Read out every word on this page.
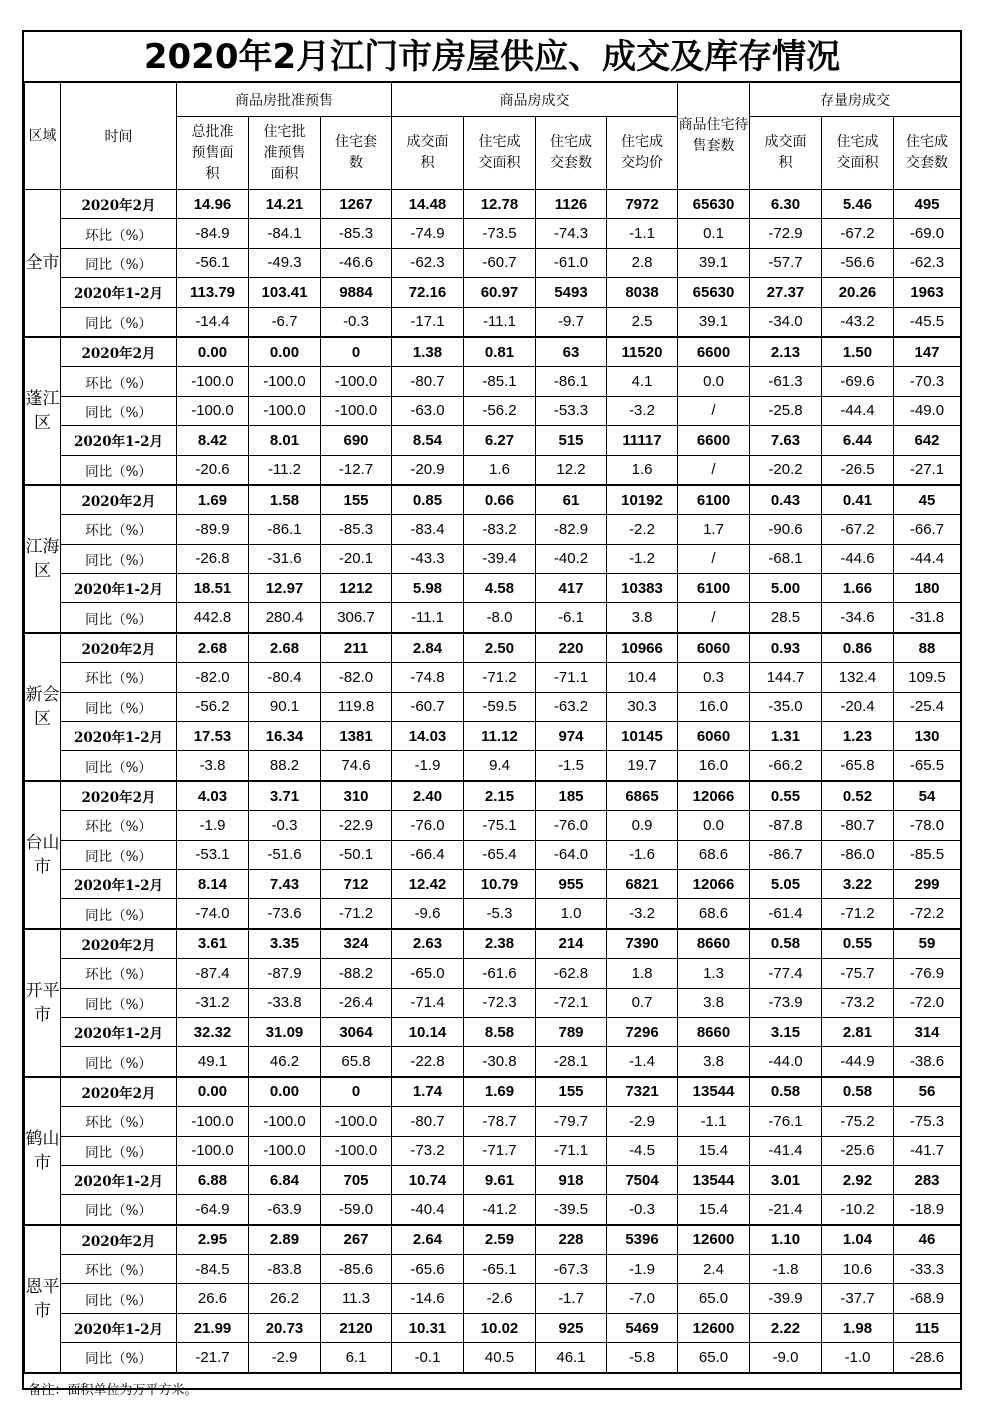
2020年2月江门市房屋供应、成交及库存情况
区域	时间	商品房批准预售			商品房成交				商品住宅待售套数	存量房成交		
		总批准预售面积	住宅批准预售面积	住宅套数	成交面积	住宅成交面积	住宅成交套数	住宅成交均价		成交面积	住宅成交面积	住宅成交套数
全市	2020年2月	14.96	14.21	1267	14.48	12.78	1126	7972	65630	6.30	5.46	495
	环比（%）	-84.9	-84.1	-85.3	-74.9	-73.5	-74.3	-1.1	0.1	-72.9	-67.2	-69.0
	同比（%）	-56.1	-49.3	-46.6	-62.3	-60.7	-61.0	2.8	39.1	-57.7	-56.6	-62.3
	2020年1-2月	113.79	103.41	9884	72.16	60.97	5493	8038	65630	27.37	20.26	1963
	同比（%）	-14.4	-6.7	-0.3	-17.1	-11.1	-9.7	2.5	39.1	-34.0	-43.2	-45.5
蓬江区	2020年2月	0.00	0.00	0	1.38	0.81	63	11520	6600	2.13	1.50	147
	环比（%）	-100.0	-100.0	-100.0	-80.7	-85.1	-86.1	4.1	0.0	-61.3	-69.6	-70.3
	同比（%）	-100.0	-100.0	-100.0	-63.0	-56.2	-53.3	-3.2	/	-25.8	-44.4	-49.0
	2020年1-2月	8.42	8.01	690	8.54	6.27	515	11117	6600	7.63	6.44	642
	同比（%）	-20.6	-11.2	-12.7	-20.9	1.6	12.2	1.6	/	-20.2	-26.5	-27.1
江海区	2020年2月	1.69	1.58	155	0.85	0.66	61	10192	6100	0.43	0.41	45
	环比（%）	-89.9	-86.1	-85.3	-83.4	-83.2	-82.9	-2.2	1.7	-90.6	-67.2	-66.7
	同比（%）	-26.8	-31.6	-20.1	-43.3	-39.4	-40.2	-1.2	/	-68.1	-44.6	-44.4
	2020年1-2月	18.51	12.97	1212	5.98	4.58	417	10383	6100	5.00	1.66	180
	同比（%）	442.8	280.4	306.7	-11.1	-8.0	-6.1	3.8	/	28.5	-34.6	-31.8
新会区	2020年2月	2.68	2.68	211	2.84	2.50	220	10966	6060	0.93	0.86	88
	环比（%）	-82.0	-80.4	-82.0	-74.8	-71.2	-71.1	10.4	0.3	144.7	132.4	109.5
	同比（%）	-56.2	90.1	119.8	-60.7	-59.5	-63.2	30.3	16.0	-35.0	-20.4	-25.4
	2020年1-2月	17.53	16.34	1381	14.03	11.12	974	10145	6060	1.31	1.23	130
	同比（%）	-3.8	88.2	74.6	-1.9	9.4	-1.5	19.7	16.0	-66.2	-65.8	-65.5
台山市	2020年2月	4.03	3.71	310	2.40	2.15	185	6865	12066	0.55	0.52	54
	环比（%）	-1.9	-0.3	-22.9	-76.0	-75.1	-76.0	0.9	0.0	-87.8	-80.7	-78.0
	同比（%）	-53.1	-51.6	-50.1	-66.4	-65.4	-64.0	-1.6	68.6	-86.7	-86.0	-85.5
	2020年1-2月	8.14	7.43	712	12.42	10.79	955	6821	12066	5.05	3.22	299
	同比（%）	-74.0	-73.6	-71.2	-9.6	-5.3	1.0	-3.2	68.6	-61.4	-71.2	-72.2
开平市	2020年2月	3.61	3.35	324	2.63	2.38	214	7390	8660	0.58	0.55	59
	环比（%）	-87.4	-87.9	-88.2	-65.0	-61.6	-62.8	1.8	1.3	-77.4	-75.7	-76.9
	同比（%）	-31.2	-33.8	-26.4	-71.4	-72.3	-72.1	0.7	3.8	-73.9	-73.2	-72.0
	2020年1-2月	32.32	31.09	3064	10.14	8.58	789	7296	8660	3.15	2.81	314
	同比（%）	49.1	46.2	65.8	-22.8	-30.8	-28.1	-1.4	3.8	-44.0	-44.9	-38.6
鹤山市	2020年2月	0.00	0.00	0	1.74	1.69	155	7321	13544	0.58	0.58	56
	环比（%）	-100.0	-100.0	-100.0	-80.7	-78.7	-79.7	-2.9	-1.1	-76.1	-75.2	-75.3
	同比（%）	-100.0	-100.0	-100.0	-73.2	-71.7	-71.1	-4.5	15.4	-41.4	-25.6	-41.7
	2020年1-2月	6.88	6.84	705	10.74	9.61	918	7504	13544	3.01	2.92	283
	同比（%）	-64.9	-63.9	-59.0	-40.4	-41.2	-39.5	-0.3	15.4	-21.4	-10.2	-18.9
恩平市	2020年2月	2.95	2.89	267	2.64	2.59	228	5396	12600	1.10	1.04	46
	环比（%）	-84.5	-83.8	-85.6	-65.6	-65.1	-67.3	-1.9	2.4	-1.8	10.6	-33.3
	同比（%）	26.6	26.2	11.3	-14.6	-2.6	-1.7	-7.0	65.0	-39.9	-37.7	-68.9
	2020年1-2月	21.99	20.73	2120	10.31	10.02	925	5469	12600	2.22	1.98	115
	同比（%）	-21.7	-2.9	6.1	-0.1	40.5	46.1	-5.8	65.0	-9.0	-1.0	-28.6
备注：面积单位为万平方米。												
